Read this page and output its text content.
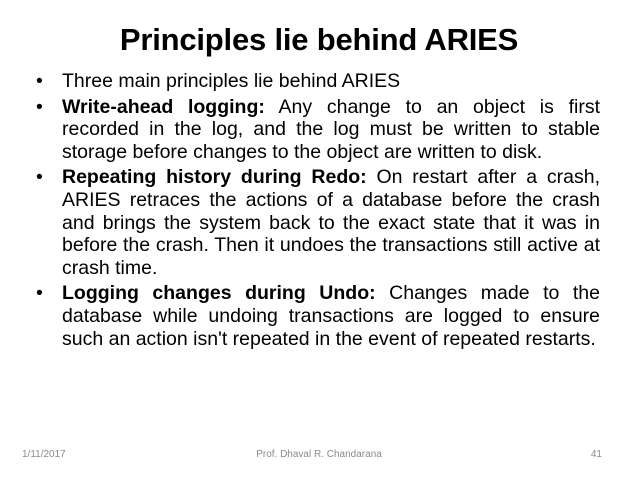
Principles lie behind ARIES
• Three main principles lie behind ARIES
• Write-ahead logging: Any change to an object is first recorded in the log, and the log must be written to stable storage before changes to the object are written to disk.
• Repeating history during Redo: On restart after a crash, ARIES retraces the actions of a database before the crash and brings the system back to the exact state that it was in before the crash. Then it undoes the transactions still active at crash time.
• Logging changes during Undo: Changes made to the database while undoing transactions are logged to ensure such an action isn't repeated in the event of repeated restarts.
1/11/2017	Prof. Dhaval R. Chandarana	41
